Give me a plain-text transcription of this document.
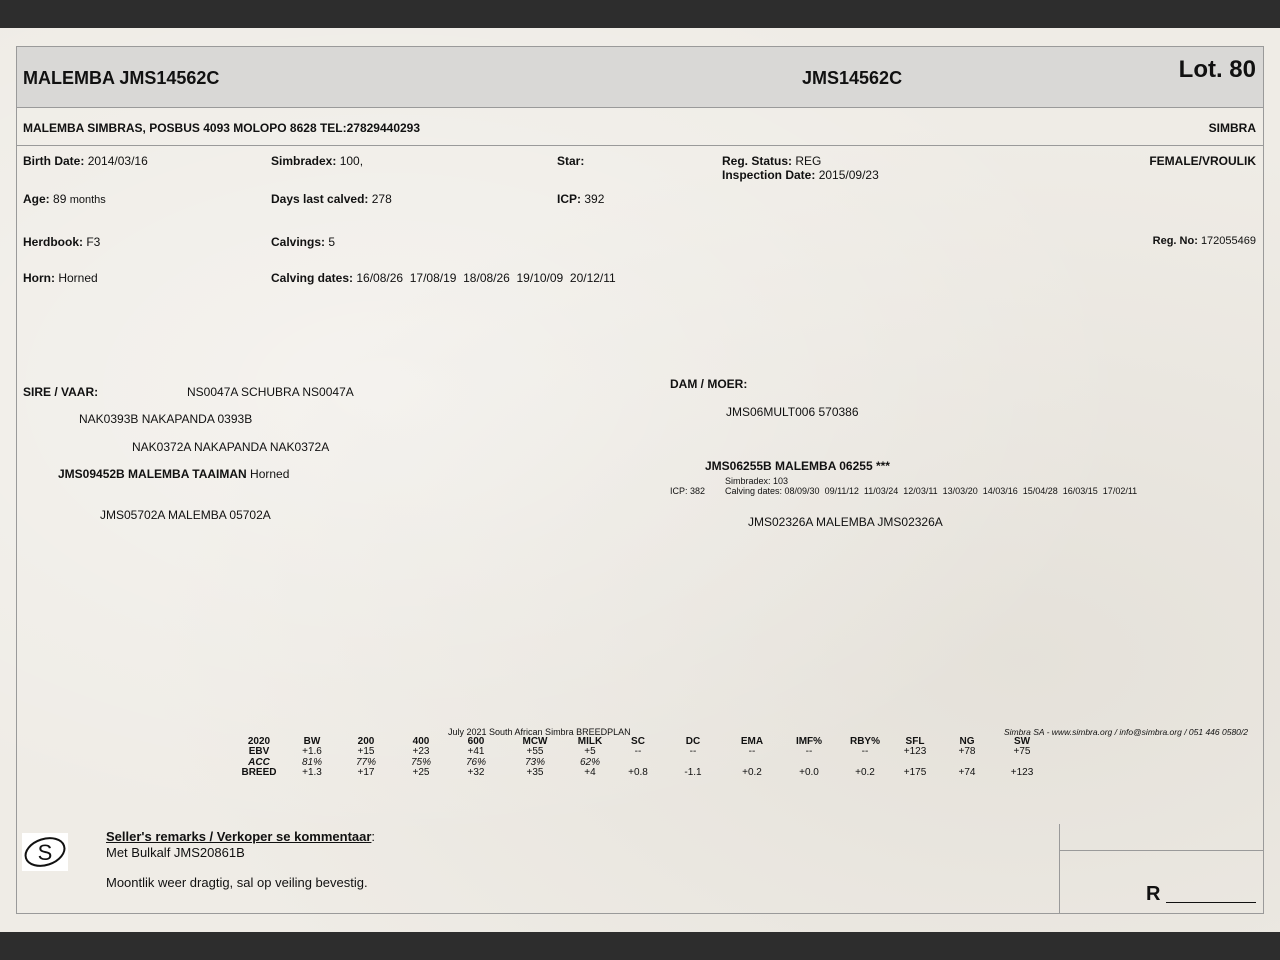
MALEMBA JMS14562C	JMS14562C	Lot. 80
MALEMBA SIMBRAS, POSBUS 4093 MOLOPO 8628 TEL:27829440293	SIMBRA
Birth Date: 2014/03/16	Simbradex: 100,	Star:	Reg. Status: REG
Inspection Date: 2015/09/23
FEMALE/VROULIK
Age: 89 months	Days last calved: 278	ICP: 392
Herdbook: F3	Calvings: 5	Reg. No: 172055469
Horn: Horned	Calving dates: 16/08/26  17/08/19  18/08/26  19/10/09  20/12/11
SIRE / VAAR:	NS0047A SCHUBRA NS0047A
NAK0393B NAKAPANDA 0393B
NAK0372A NAKAPANDA NAK0372A
JMS09452B MALEMBA TAAIMAN Horned
JMS05702A MALEMBA 05702A
DAM / MOER:
JMS06MULT006 570386
JMS06255B MALEMBA 06255 ***
Simbradex: 103
ICP: 382 Calving dates: 08/09/30  09/11/12  11/03/24  12/03/11  13/03/20  14/03/16  15/04/28  16/03/15  17/02/11
JMS02326A MALEMBA JMS02326A
July 2021 South African Simbra BREEDPLAN	Simbra SA - www.simbra.org / info@simbra.org / 051 446 0580/2
2020	BW	200	400	600	MCW	MILK	SC	DC	EMA	IMF%	RBY%	SFL	NG	SW
EBV	+1.6	+15	+23	+41	+55	+5	--	--	--	--	--	+123	+78	+75
ACC	81%	77%	75%	76%	73%	62%
BREED	+1.3	+17	+25	+32	+35	+4	+0.8	-1.1	+0.2	+0.0	+0.2	+175	+74	+123
S
Seller's remarks / Verkoper se kommentaar:
Met Bulkalf JMS20861B
Moontlik weer dragtig, sal op veiling bevestig.
R
